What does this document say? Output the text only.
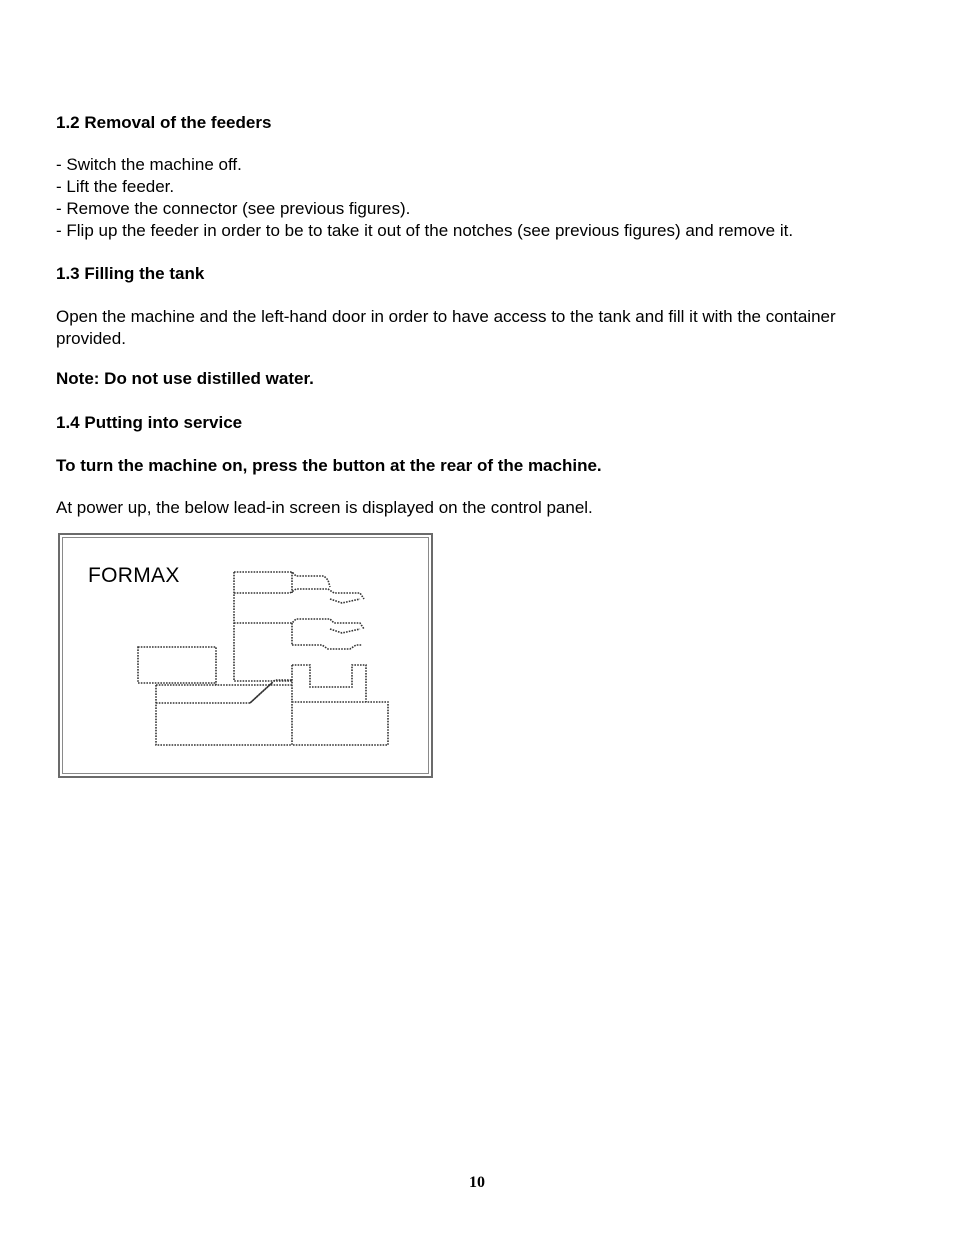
1.2 Removal of the feeders
- Switch the machine off.
- Lift the feeder.
- Remove the connector (see previous figures).
- Flip up the feeder in order to be to take it out of the notches (see previous figures) and remove it.
1.3 Filling the tank
Open the machine and the left-hand door in order to have access to the tank and fill it with the container provided.
Note: Do not use distilled water.
1.4 Putting into service
To turn the machine on, press the button at the rear of the machine.
At power up, the below lead-in screen is displayed on the control panel.
FORMAX
10
